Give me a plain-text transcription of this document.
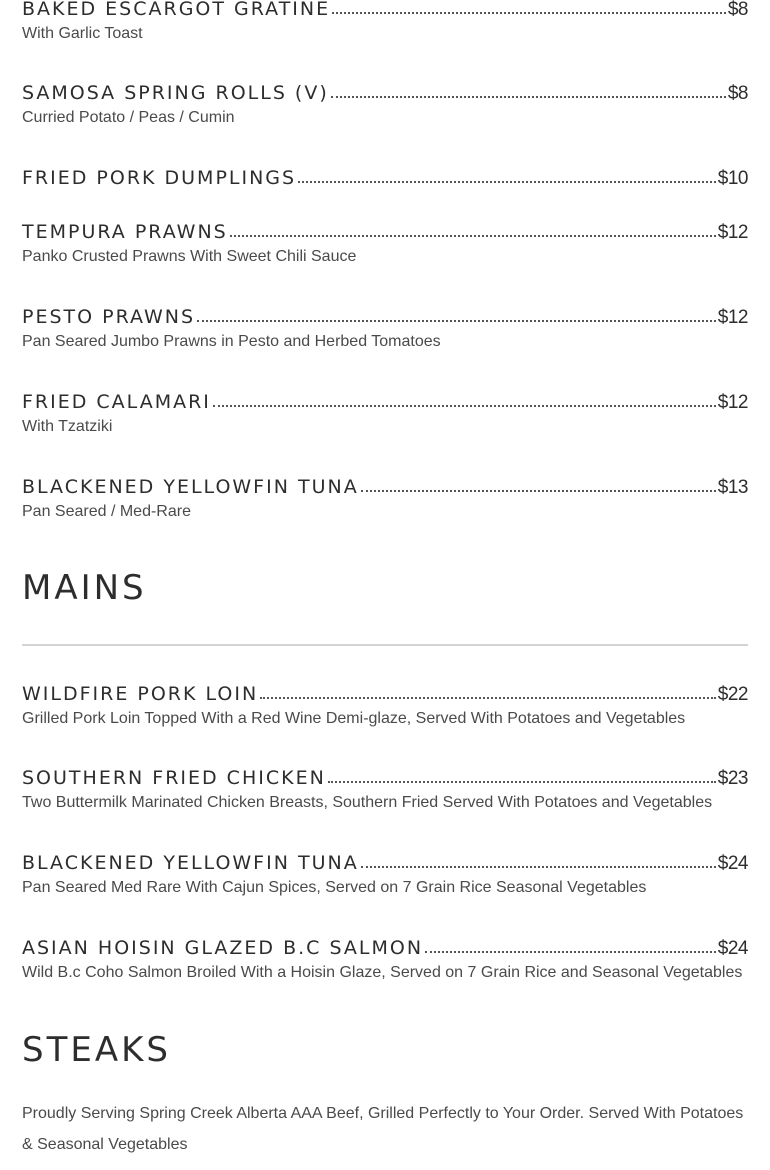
BAKED ESCARGOT GRATINE	$8
With Garlic Toast
SAMOSA SPRING ROLLS (V)	$8
Curried Potato / Peas / Cumin
FRIED PORK DUMPLINGS	$10
TEMPURA PRAWNS	$12
Panko Crusted Prawns With Sweet Chili Sauce
PESTO PRAWNS	$12
Pan Seared Jumbo Prawns in Pesto and Herbed Tomatoes
FRIED CALAMARI	$12
With Tzatziki
BLACKENED YELLOWFIN TUNA	$13
Pan Seared / Med-Rare
MAINS
WILDFIRE PORK LOIN	$22
Grilled Pork Loin Topped With a Red Wine Demi-glaze, Served With Potatoes and Vegetables
SOUTHERN FRIED CHICKEN	$23
Two Buttermilk Marinated Chicken Breasts, Southern Fried Served With Potatoes and Vegetables
BLACKENED YELLOWFIN TUNA	$24
Pan Seared Med Rare With Cajun Spices, Served on 7 Grain Rice Seasonal Vegetables
ASIAN HOISIN GLAZED B.C SALMON	$24
Wild B.c Coho Salmon Broiled With a Hoisin Glaze, Served on 7 Grain Rice and Seasonal Vegetables
STEAKS
Proudly Serving Spring Creek Alberta AAA Beef, Grilled Perfectly to Your Order. Served With Potatoes & Seasonal Vegetables
